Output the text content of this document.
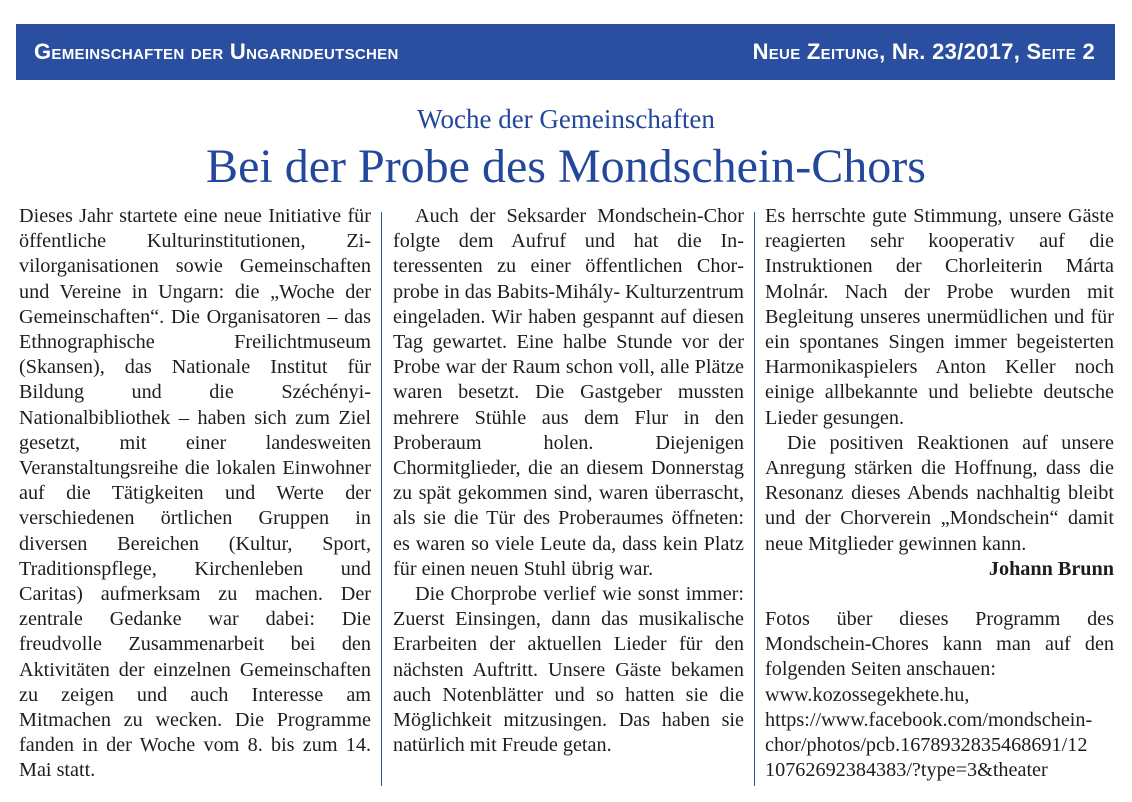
Gemeinschaften der Ungarndeutschen	Neue Zeitung, Nr. 23/2017, Seite 2
Woche der Gemeinschaften
Bei der Probe des Mondschein-Chors

Dieses Jahr startete eine neue Initiative für öffentliche Kulturinstitutionen, Zivilorganisationen sowie Gemeinschaften und Vereine in Ungarn: die „Woche der Gemeinschaften“. Die Organisatoren – das Ethnographische Freilichtmuseum (Skansen), das Nationale Institut für Bildung und die Széchényi-Nationalbibliothek – haben sich zum Ziel gesetzt, mit einer landesweiten Veranstaltungsreihe die lokalen Einwohner auf die Tätigkeiten und Werte der verschiedenen örtlichen Gruppen in diversen Bereichen (Kultur, Sport, Traditionspflege, Kirchenleben und Caritas) aufmerksam zu machen. Der zentrale Gedanke war dabei: Die freudvolle Zusammenarbeit bei den Aktivitäten der einzelnen Gemeinschaften zu zeigen und auch Interesse am Mitmachen zu wecken. Die Programme fanden in der Woche vom 8. bis zum 14. Mai statt.

Auch der Seksarder Mondschein-Chor folgte dem Aufruf und hat die Interessenten zu einer öffentlichen Chorprobe in das Babits-Mihály- Kulturzentrum eingeladen. Wir haben gespannt auf diesen Tag gewartet. Eine halbe Stunde vor der Probe war der Raum schon voll, alle Plätze waren besetzt. Die Gastgeber mussten mehrere Stühle aus dem Flur in den Proberaum holen. Diejenigen Chormitglieder, die an diesem Donnerstag zu spät gekommen sind, waren überrascht, als sie die Tür des Proberaumes öffneten: es waren so viele Leute da, dass kein Platz für einen neuen Stuhl übrig war.

Die Chorprobe verlief wie sonst immer: Zuerst Einsingen, dann das musikalische Erarbeiten der aktuellen Lieder für den nächsten Auftritt. Unsere Gäste bekamen auch Notenblätter und so hatten sie die Möglichkeit mitzusingen. Das haben sie natürlich mit Freude getan.

Es herrschte gute Stimmung, unsere Gäste reagierten sehr kooperativ auf die Instruktionen der Chorleiterin Márta Molnár. Nach der Probe wurden mit Begleitung unseres unermüdlichen und für ein spontanes Singen immer begeisterten Harmonikaspielers Anton Keller noch einige allbekannte und beliebte deutsche Lieder gesungen.

Die positiven Reaktionen auf unsere Anregung stärken die Hoffnung, dass die Resonanz dieses Abends nachhaltig bleibt und der Chorverein „Mondschein“ damit neue Mitglieder gewinnen kann.

Johann Brunn

Fotos über dieses Programm des Mondschein-Chores kann man auf den folgenden Seiten anschauen:

www.kozossegekhete.hu,

https://www.facebook.com/mondschein-
chor/photos/pcb.1678932835468691/12
10762692384383/?type=3&theater
